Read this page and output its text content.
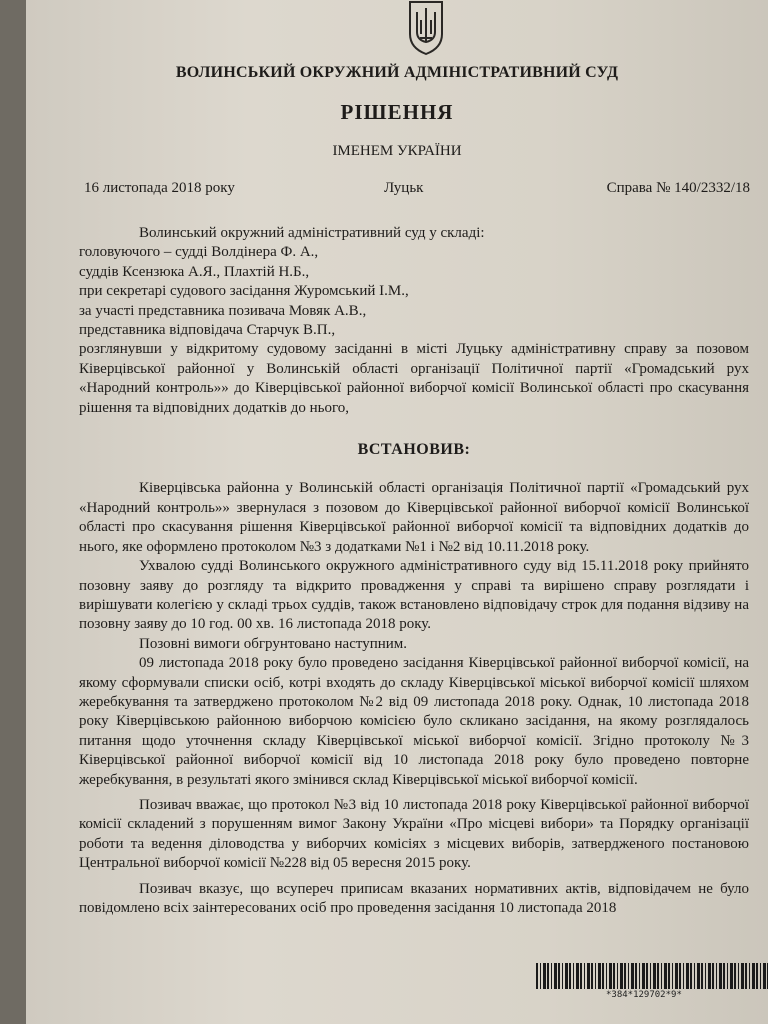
ВОЛИНСЬКИЙ ОКРУЖНИЙ АДМІНІСТРАТИВНИЙ СУД
РІШЕННЯ
ІМЕНЕМ УКРАЇНИ
16 листопада 2018 року	Луцьк	Справа № 140/2332/18

Волинський окружний адміністративний суд у складі:

головуючого – судді Волдінера Ф. А.,

суддів Ксензюка А.Я., Плахтій Н.Б.,

при секретарі судового засідання Журомський І.М.,

за участі представника позивача Мовяк А.В.,

представника відповідача Старчук В.П.,

розглянувши у відкритому судовому засіданні в місті Луцьку адміністративну справу за позовом Ківерцівської районної у Волинській області організації Політичної партії «Громадський рух «Народний контроль»» до Ківерцівської районної виборчої комісії Волинської області про скасування рішення та відповідних додатків до нього,

ВСТАНОВИВ:

Ківерцівська районна у Волинській області організація Політичної партії «Громадський рух «Народний контроль»» звернулася з позовом до Ківерцівської районної виборчої комісії Волинської області про скасування рішення Ківерцівської районної виборчої комісії та відповідних додатків до нього, яке оформлено протоколом №3 з додатками №1 і №2 від 10.11.2018 року.

Ухвалою судді Волинського окружного адміністративного суду від 15.11.2018 року прийнято позовну заяву до розгляду та відкрито провадження у справі та вирішено справу розглядати і вирішувати колегією у складі трьох суддів, також встановлено відповідачу строк для подання відзиву на позовну заяву до 10 год. 00 хв. 16 листопада 2018 року.

Позовні вимоги обгрунтовано наступним.

09 листопада 2018 року було проведено засідання Ківерцівської районної виборчої комісії, на якому сформували списки осіб, котрі входять до складу Ківерцівської міської виборчої комісії шляхом жеребкування та затверджено протоколом №2 від 09 листопада 2018 року. Однак, 10 листопада 2018 року Ківерцівською районною виборчою комісією було скликано засідання, на якому розглядалось питання щодо уточнення складу Ківерцівської міської виборчої комісії. Згідно протоколу №3 Ківерцівської районної виборчої комісії від 10 листопада 2018 року було проведено повторне жеребкування, в результаті якого змінився склад Ківерцівської міської виборчої комісії.

Позивач вважає, що протокол №3 від 10 листопада 2018 року Ківерцівської районної виборчої комісії складений з порушенням вимог Закону України «Про місцеві вибори» та Порядку організації роботи та ведення діловодства у виборчих комісіях з місцевих виборів, затвердженого постановою Центральної виборчої комісії №228 від 05 вересня 2015 року.

Позивач вказує, що всупереч приписам вказаних нормативних актів, відповідачем не було повідомлено всіх заінтересованих осіб про проведення засідання 10 листопада 2018

*384*129702*9*
